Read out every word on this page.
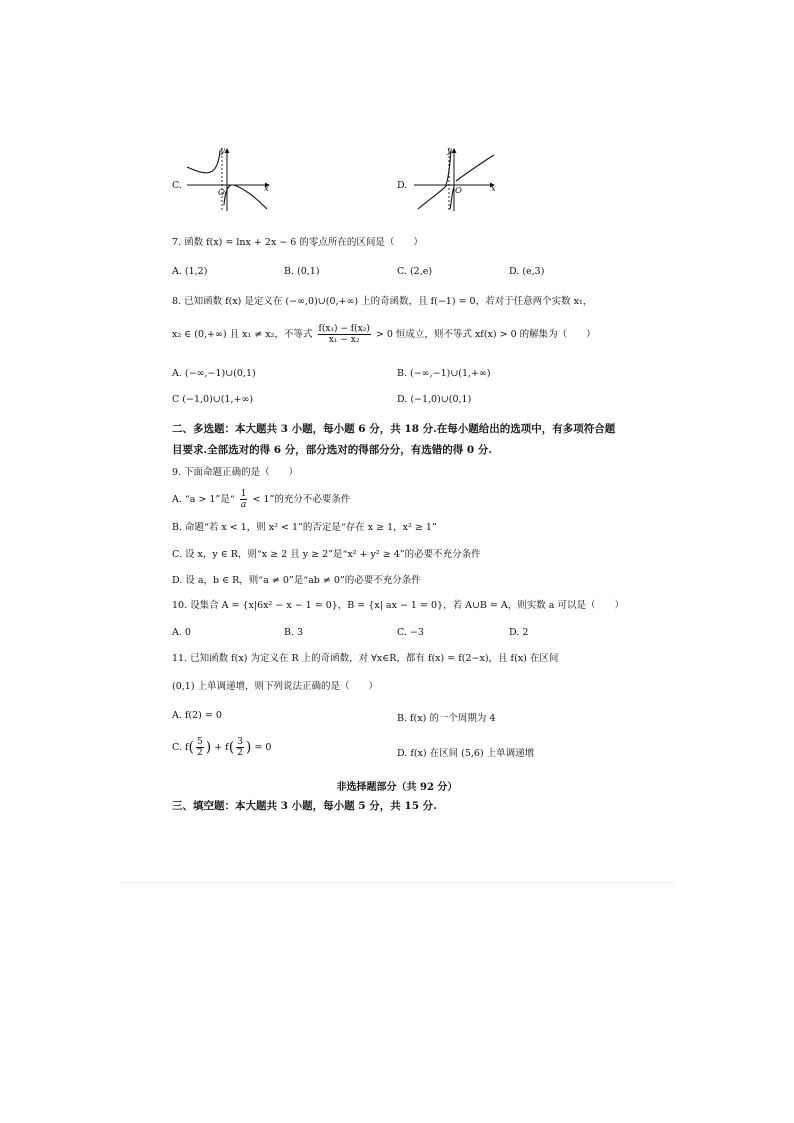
C.
y
x
O
D.
y
x
O
7. 函数 f(x) = lnx + 2x − 6 的零点所在的区间是（　　）
A. (1,2)	B. (0,1)	C. (2,e)	D. (e,3)
8. 已知函数 f(x) 是定义在 (−∞,0)∪(0,+∞) 上的奇函数，且 f(−1) = 0，若对于任意两个实数 x₁，
x₂ ∈ (0,+∞) 且 x₁ ≠ x₂，不等式 $\frac{\text{f(x₁) − f(x₂)}}{\text{x₁ − x₂}} > 0$ 恒成立，则不等式 xf(x) > 0 的解集为（　　）
A. (−∞,−1)∪(0,1)	B. (−∞,−1)∪(1,+∞)
C (−1,0)∪(1,+∞)	D. (−1,0)∪(0,1)
二、多选题：本大题共 3 小题，每小题 6 分，共 18 分.在每小题给出的选项中，有多项符合题
目要求.全部选对的得 6 分，部分选对的得部分分，有选错的得 0 分.
9. 下面命题正确的是（　　）
A. “a > 1”是“ $\frac{1}{a} < 1$”的充分不必要条件
B. 命题“若 x < 1，则 x² < 1”的否定是“存在 x ≥ 1，x² ≥ 1”
C. 设 x，y ∈ R，则“x ≥ 2 且 y ≥ 2”是“x² + y² ≥ 4”的必要不充分条件
D. 设 a，b ∈ R，则“a ≠ 0”是“ab ≠ 0”的必要不充分条件
10. 设集合 A = {x|6x² − x − 1 = 0}，B = {x| ax − 1 = 0}，若 A∪B = A，则实数 a 可以是（　　）
A. 0	B. 3	C. −3	D. 2
11. 已知函数 f(x) 为定义在 R 上的奇函数，对 ∀x∈R，都有 f(x) = f(2−x)，且 f(x) 在区间
(0,1) 上单调递增，则下列说法正确的是（　　）
A. f(2) = 0	B. f(x) 的一个周期为 4
C. $f( \frac{5}{2}$ ) + $f( \frac{3}{2}$ ) = 0
D. f(x) 在区间 (5,6) 上单调递增
非选择题部分（共 92 分）
三、填空题：本大题共 3 小题，每小题 5 分，共 15 分.
